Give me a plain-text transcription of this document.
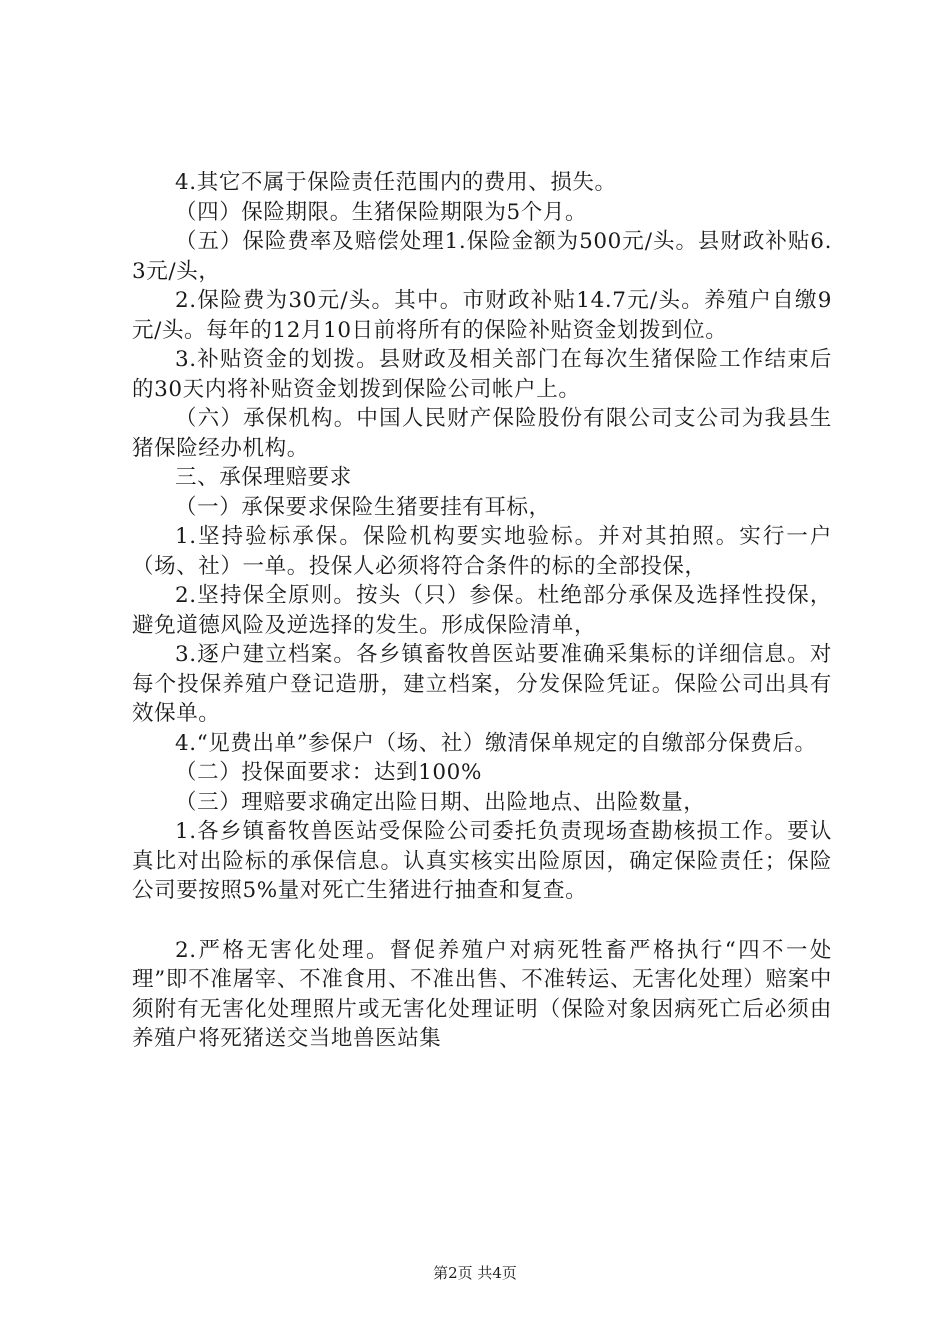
4.其它不属于保险责任范围内的费用、损失。

（四）保险期限。生猪保险期限为5个月。

（五）保险费率及赔偿处理1.保险金额为500元/头。县财政补贴6.3元/头，

2.保险费为30元/头。其中。市财政补贴14.7元/头。养殖户自缴9元/头。每年的12月10日前将所有的保险补贴资金划拨到位。

3.补贴资金的划拨。县财政及相关部门在每次生猪保险工作结束后的30天内将补贴资金划拨到保险公司帐户上。

（六）承保机构。中国人民财产保险股份有限公司支公司为我县生猪保险经办机构。

三、承保理赔要求

（一）承保要求保险生猪要挂有耳标，

1.坚持验标承保。保险机构要实地验标。并对其拍照。实行一户（场、社）一单。投保人必须将符合条件的标的全部投保，

2.坚持保全原则。按头（只）参保。杜绝部分承保及选择性投保，避免道德风险及逆选择的发生。形成保险清单，

3.逐户建立档案。各乡镇畜牧兽医站要准确采集标的详细信息。对每个投保养殖户登记造册，建立档案，分发保险凭证。保险公司出具有效保单。

4.“见费出单”参保户（场、社）缴清保单规定的自缴部分保费后。

（二）投保面要求：达到100%

（三）理赔要求确定出险日期、出险地点、出险数量，

1.各乡镇畜牧兽医站受保险公司委托负责现场查勘核损工作。要认真比对出险标的承保信息。认真实核实出险原因，确定保险责任；保险公司要按照5%量对死亡生猪进行抽查和复查。

2.严格无害化处理。督促养殖户对病死牲畜严格执行“四不一处理”即不准屠宰、不准食用、不准出售、不准转运、无害化处理）赔案中须附有无害化处理照片或无害化处理证明（保险对象因病死亡后必须由养殖户将死猪送交当地兽医站集

第2页 共4页
